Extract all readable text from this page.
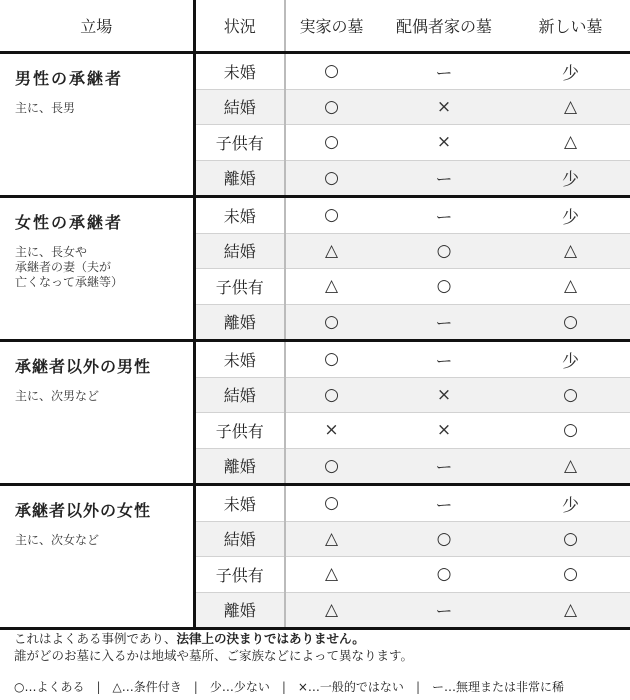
立場	状況	実家の墓	配偶者家の墓	新しい墓

男性の承継者
主に、長男	未婚	○	ー	少
	結婚	○	×	△
	子供有	○	×	△
	離婚	○	ー	少

女性の承継者
主に、長女や
承継者の妻（夫が
亡くなって承継等）	未婚	○	ー	少
	結婚	△	○	△
	子供有	△	○	△
	離婚	○	ー	○

承継者以外の男性
主に、次男など	未婚	○	ー	少
	結婚	○	×	○
	子供有	×	×	○
	離婚	○	ー	△

承継者以外の女性
主に、次女など	未婚	○	ー	少
	結婚	△	○	○
	子供有	△	○	○
	離婚	△	ー	△
これはよくある事例であり、法律上の決まりではありません。
誰がどのお墓に入るかは地域や墓所、ご家族などによって異なります。
○…よくある | △…条件付き | 少…少ない | ×…一般的ではない | ー…無理または非常に稀
